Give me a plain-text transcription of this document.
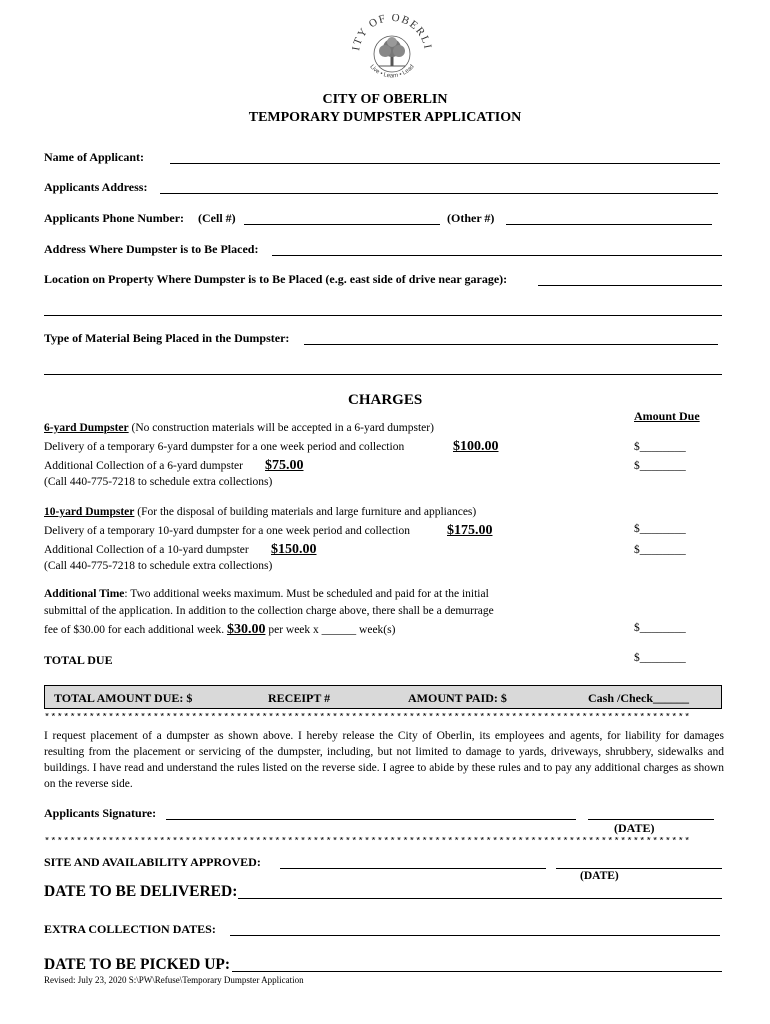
ITY OF OBERLI
Live • Learn • Lead
CITY OF OBERLIN
TEMPORARY DUMPSTER APPLICATION
Name of Applicant:
Applicants Address:
Applicants Phone Number: (Cell #)	(Other #)
Address Where Dumpster is to Be Placed:
Location on Property Where Dumpster is to Be Placed (e.g. east side of drive near garage):
Type of Material Being Placed in the Dumpster:
CHARGES
Amount Due
6-yard Dumpster (No construction materials will be accepted in a 6-yard dumpster)
Delivery of a temporary 6-yard dumpster for a one week period and collection	$100.00	$________
Additional Collection of a 6-yard dumpster $75.00	$________
(Call 440-775-7218 to schedule extra collections)
10-yard Dumpster (For the disposal of building materials and large furniture and appliances)
Delivery of a temporary 10-yard dumpster for a one week period and collection	$175.00	$________
Additional Collection of a 10-yard dumpster $150.00	$________
(Call 440-775-7218 to schedule extra collections)
Additional Time: Two additional weeks maximum. Must be scheduled and paid for at the initial
submittal of the application. In addition to the collection charge above, there shall be a demurrage
fee of $30.00 for each additional week. $30.00 per week x ______ week(s)	$________
TOTAL DUE	$________
TOTAL AMOUNT DUE: $	RECEIPT #	AMOUNT PAID: $	Cash /Check______
*****************************************************************************************************

I request placement of a dumpster as shown above. I hereby release the City of Oberlin, its employees and agents, for liability for damages resulting from the placement or servicing of the dumpster, including, but not limited to damage to yards, driveways, shrubbery, sidewalks and buildings. I have read and understand the rules listed on the reverse side. I agree to abide by these rules and to pay any additional charges as shown on the reverse side.

Applicants Signature:
(DATE)
*****************************************************************************************************
SITE AND AVAILABILITY APPROVED:
(DATE)
DATE TO BE DELIVERED:
EXTRA COLLECTION DATES:
DATE TO BE PICKED UP:
Revised: July 23, 2020 S:\PW\Refuse\Temporary Dumpster Application
